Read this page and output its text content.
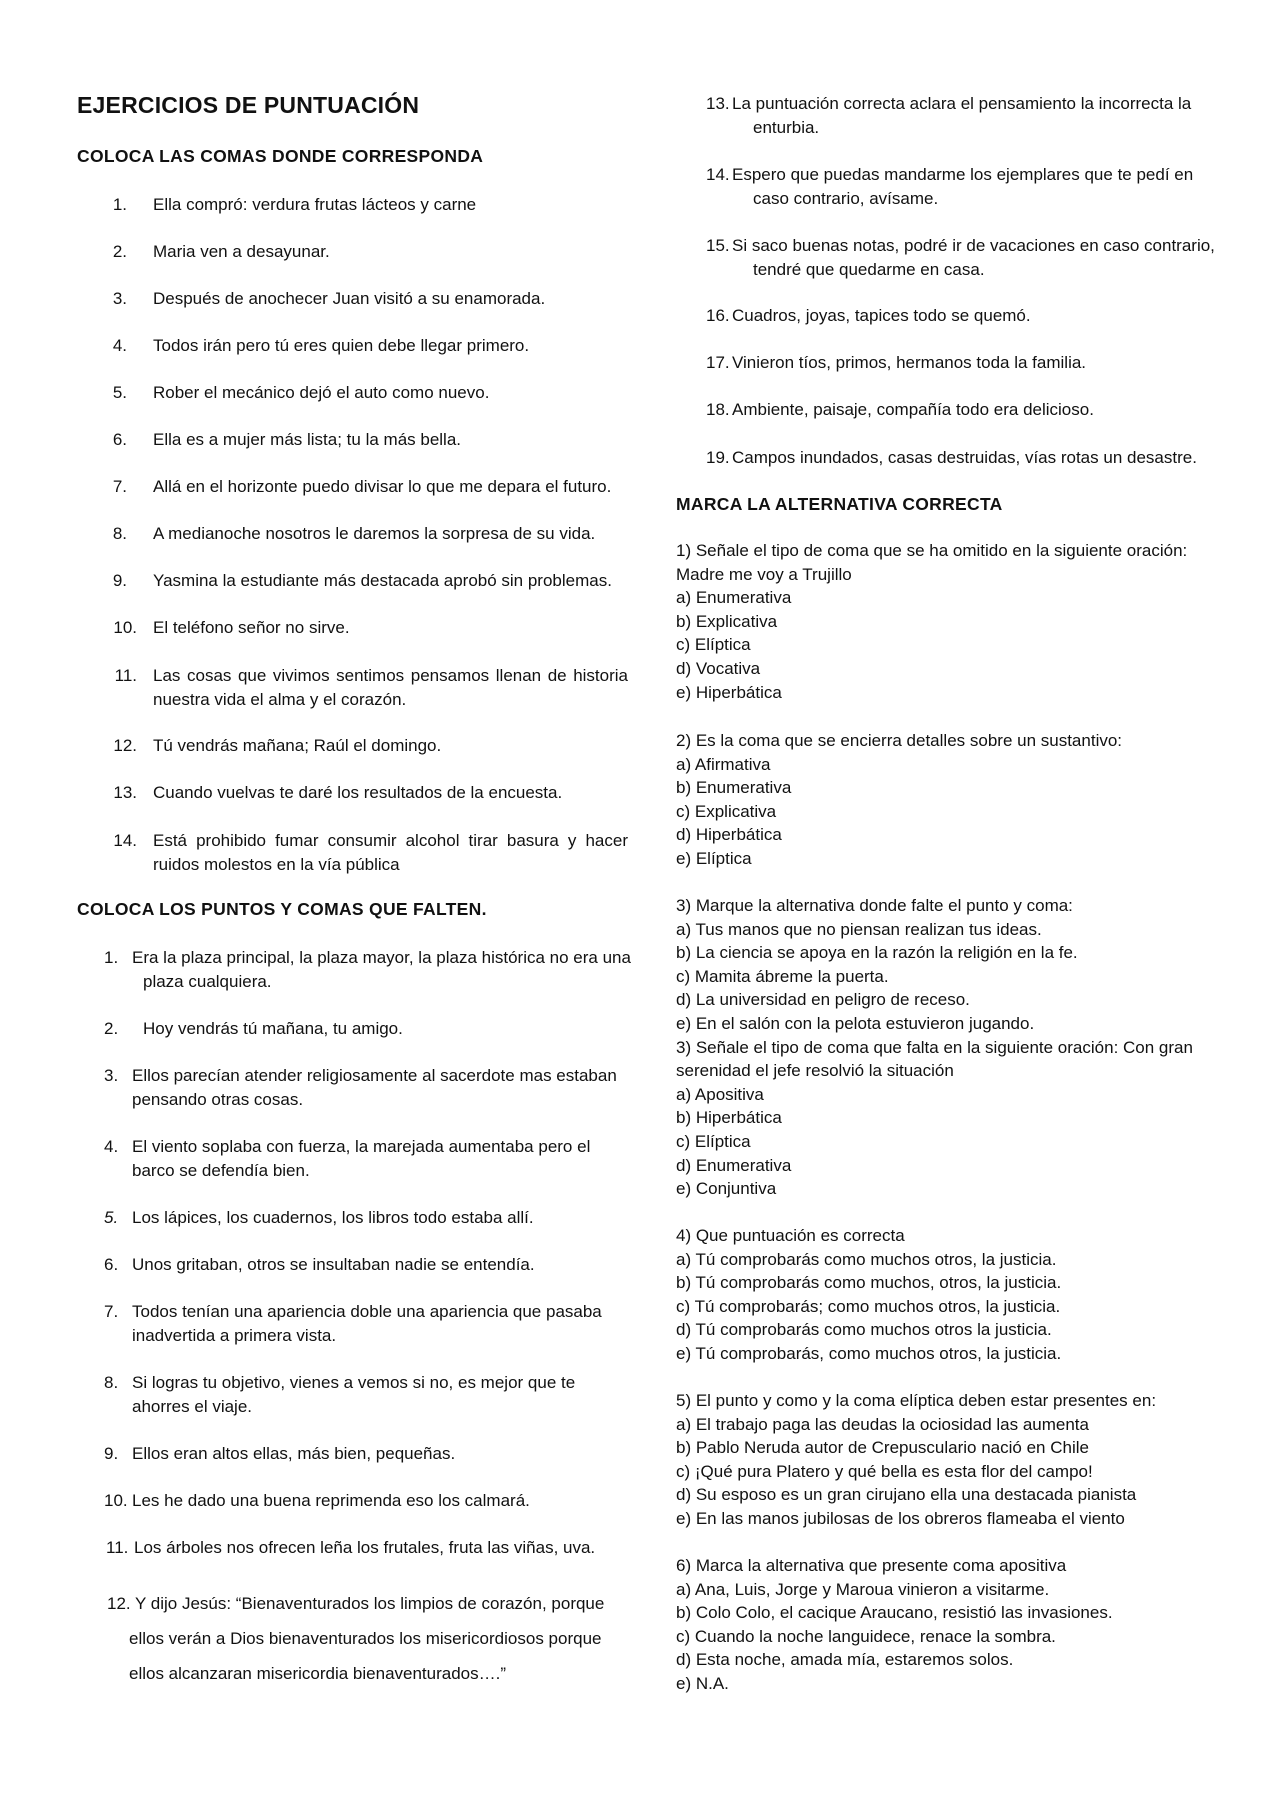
EJERCICIOS DE PUNTUACIÓN
COLOCA LAS COMAS DONDE CORRESPONDA
1. Ella compró: verdura frutas lácteos y carne
2. Maria ven a desayunar.
3. Después de anochecer Juan visitó a su enamorada.
4. Todos irán pero tú eres quien debe llegar primero.
5. Rober el mecánico dejó el auto como nuevo.
6. Ella es a mujer más lista; tu la más bella.
7. Allá en el horizonte puedo divisar lo que me depara el futuro.
8. A medianoche nosotros le daremos la sorpresa de su vida.
9. Yasmina la estudiante más destacada aprobó sin problemas.
10. El teléfono señor no sirve.
11. Las cosas que vivimos sentimos pensamos llenan de historia nuestra vida el alma y el corazón.
12. Tú vendrás mañana; Raúl el domingo.
13. Cuando vuelvas te daré los resultados de la encuesta.
14. Está prohibido fumar consumir alcohol tirar basura y hacer ruidos molestos en la vía pública
COLOCA LOS PUNTOS Y COMAS QUE FALTEN.
1. Era la plaza principal, la plaza mayor, la plaza histórica no era una
plaza cualquiera.
2. Hoy vendrás tú mañana, tu amigo.
3. Ellos parecían atender religiosamente al sacerdote mas estaban
pensando otras cosas.
4. El viento soplaba con fuerza, la marejada aumentaba pero el
barco se defendía bien.
5. Los lápices, los cuadernos, los libros todo estaba allí.
6. Unos gritaban, otros se insultaban nadie se entendía.
7. Todos tenían una apariencia doble una apariencia que pasaba
inadvertida a primera vista.
8. Si logras tu objetivo, vienes a vemos si no, es mejor que te
ahorres el viaje.
9. Ellos eran altos ellas, más bien, pequeñas.
10. Les he dado una buena reprimenda eso los calmará.
11. Los árboles nos ofrecen leña los frutales, fruta las viñas, uva.
12. Y dijo Jesús: “Bienaventurados los limpios de corazón, porque
ellos verán a Dios bienaventurados los misericordiosos porque
ellos alcanzaran misericordia bienaventurados….”
13. La puntuación correcta aclara el pensamiento la incorrecta la
enturbia.
14. Espero que puedas mandarme los ejemplares que te pedí en
caso contrario, avísame.
15. Si saco buenas notas, podré ir de vacaciones en caso contrario,
tendré que quedarme en casa.
16. Cuadros, joyas, tapices todo se quemó.
17. Vinieron tíos, primos, hermanos toda la familia.
18. Ambiente, paisaje, compañía todo era delicioso.
19. Campos inundados, casas destruidas, vías rotas un desastre.
MARCA LA ALTERNATIVA CORRECTA
1) Señale el tipo de coma que se ha omitido en la siguiente oración:
Madre me voy a Trujillo
a) Enumerativa
b) Explicativa
c) Elíptica
d) Vocativa
e) Hiperbática
2) Es la coma que se encierra detalles sobre un sustantivo:
a) Afirmativa
b) Enumerativa
c) Explicativa
d) Hiperbática
e) Elíptica
3) Marque la alternativa donde falte el punto y coma:
a) Tus manos que no piensan realizan tus ideas.
b) La ciencia se apoya en la razón la religión en la fe.
c) Mamita ábreme la puerta.
d) La universidad en peligro de receso.
e) En el salón con la pelota estuvieron jugando.
3) Señale el tipo de coma que falta en la siguiente oración: Con gran
serenidad el jefe resolvió la situación
a) Apositiva
b) Hiperbática
c) Elíptica
d) Enumerativa
e) Conjuntiva
4) Que puntuación es correcta
a) Tú comprobarás como muchos otros, la justicia.
b) Tú comprobarás como muchos, otros, la justicia.
c) Tú comprobarás; como muchos otros, la justicia.
d) Tú comprobarás como muchos otros la justicia.
e) Tú comprobarás, como muchos otros, la justicia.
5) El punto y como y la coma elíptica deben estar presentes en:
a) El trabajo paga las deudas la ociosidad las aumenta
b) Pablo Neruda autor de Crepusculario nació en Chile
c) ¡Qué pura Platero y qué bella es esta flor del campo!
d) Su esposo es un gran cirujano ella una destacada pianista
e) En las manos jubilosas de los obreros flameaba el viento
6) Marca la alternativa que presente coma apositiva
a) Ana, Luis, Jorge y Maroua vinieron a visitarme.
b) Colo Colo, el cacique Araucano, resistió las invasiones.
c) Cuando la noche languidece, renace la sombra.
d) Esta noche, amada mía, estaremos solos.
e) N.A.
